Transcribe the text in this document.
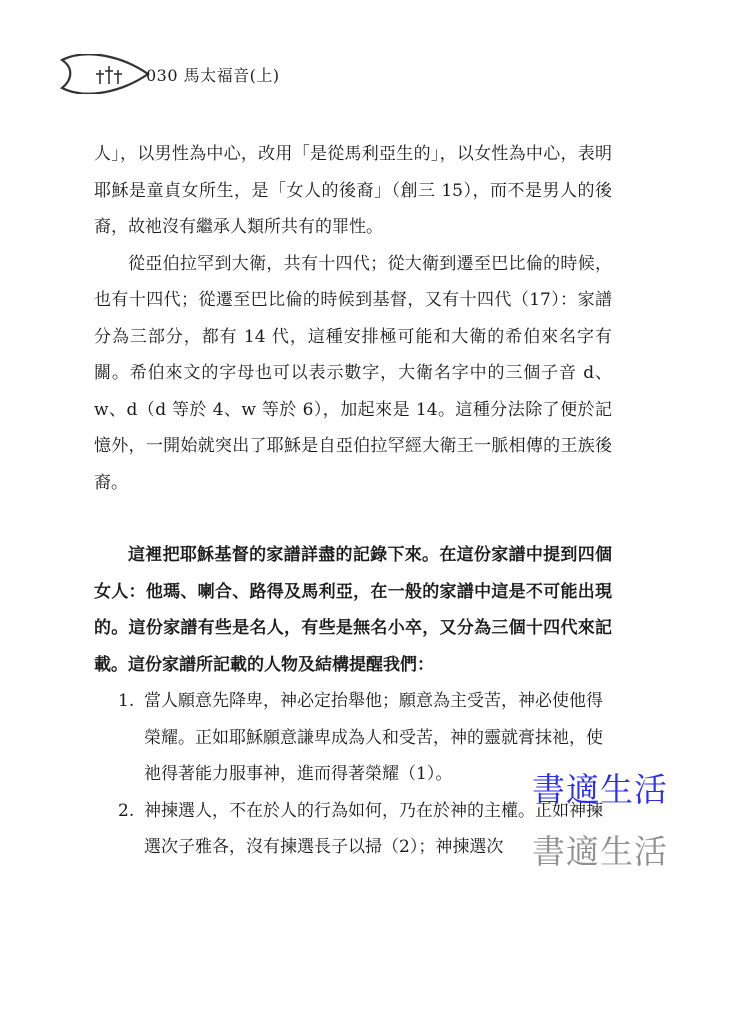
030 馬太福音(上)

人」，以男性為中心，改用「是從馬利亞生的」，以女性為中心，表明耶穌是童貞女所生，是「女人的後裔」（創三 15），而不是男人的後裔，故祂沒有繼承人類所共有的罪性。

從亞伯拉罕到大衛，共有十四代；從大衛到遷至巴比倫的時候，也有十四代；從遷至巴比倫的時候到基督，又有十四代（17）：家譜分為三部分，都有 14 代，這種安排極可能和大衛的希伯來名字有關。希伯來文的字母也可以表示數字，大衛名字中的三個子音 d、w、d（d 等於 4、w 等於 6），加起來是 14。這種分法除了便於記憶外，一開始就突出了耶穌是自亞伯拉罕經大衛王一脈相傳的王族後裔。

這裡把耶穌基督的家譜詳盡的記錄下來。在這份家譜中提到四個女人：他瑪、喇合、路得及馬利亞，在一般的家譜中這是不可能出現的。這份家譜有些是名人，有些是無名小卒，又分為三個十四代來記載。這份家譜所記載的人物及結構提醒我們：

1. 當人願意先降卑，神必定抬舉他；願意為主受苦，神必使他得榮耀。正如耶穌願意謙卑成為人和受苦，神的靈就膏抹祂，使祂得著能力服事神，進而得著榮耀（1）。
2. 神揀選人，不在於人的行為如何，乃在於神的主權。正如神揀選次子雅各，沒有揀選長子以掃（2）；神揀選次
書適生活
書適生活
